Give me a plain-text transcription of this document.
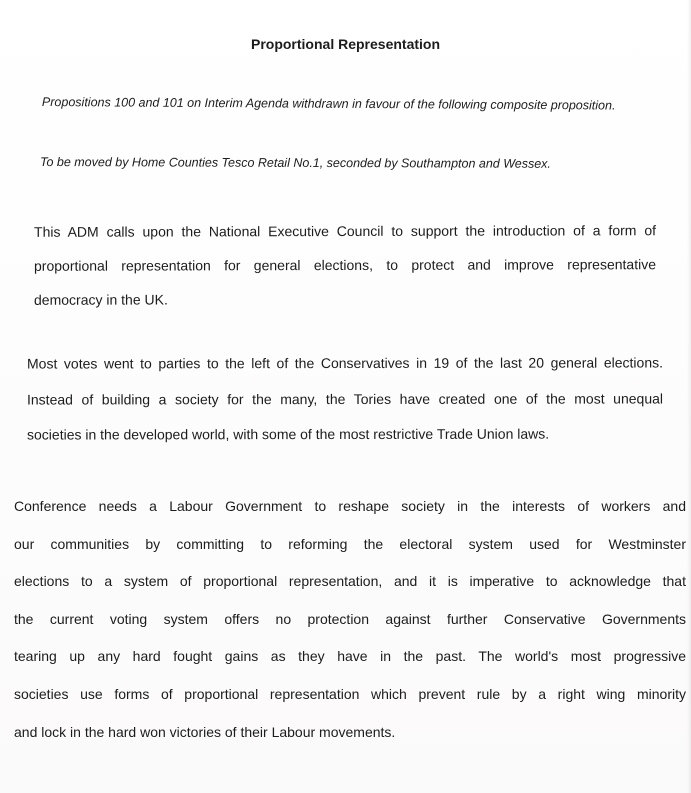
Proportional Representation
Propositions 100 and 101 on Interim Agenda withdrawn in favour of the following composite proposition.
To be moved by Home Counties Tesco Retail No.1, seconded by Southampton and Wessex.

This ADM calls upon the National Executive Council to support the introduction of a form of
proportional representation for general elections, to protect and improve representative
democracy in the UK.

Most votes went to parties to the left of the Conservatives in 19 of the last 20 general elections.
Instead of building a society for the many, the Tories have created one of the most unequal
societies in the developed world, with some of the most restrictive Trade Union laws.

Conference needs a Labour Government to reshape society in the interests of workers and
our communities by committing to reforming the electoral system used for Westminster
elections to a system of proportional representation, and it is imperative to acknowledge that
the current voting system offers no protection against further Conservative Governments
tearing up any hard fought gains as they have in the past. The world's most progressive
societies use forms of proportional representation which prevent rule by a right wing minority
and lock in the hard won victories of their Labour movements.
